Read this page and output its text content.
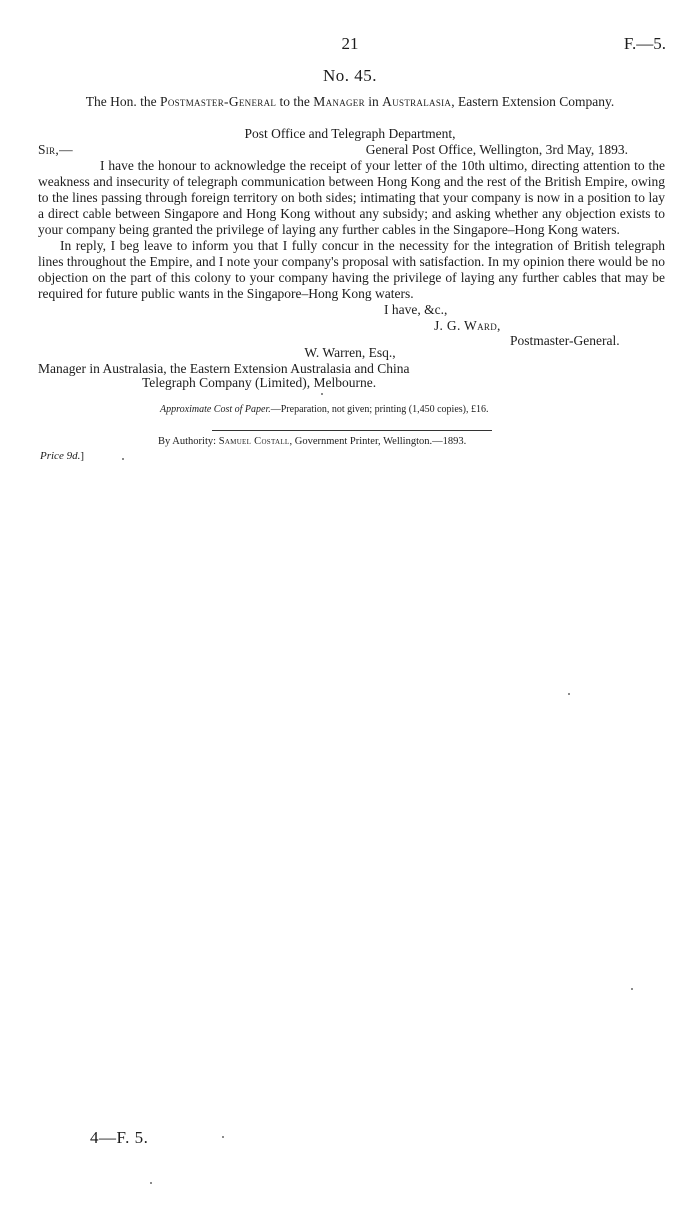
21	F.—5.
No. 45.
The Hon. the Postmaster-General to the Manager in Australasia, Eastern Extension Company.
Post Office and Telegraph Department,
Sir,—	General Post Office, Wellington, 3rd May, 1893.
I have the honour to acknowledge the receipt of your letter of the 10th ultimo, directing attention to the weakness and insecurity of telegraph communication between Hong Kong and the rest of the British Empire, owing to the lines passing through foreign territory on both sides; intimating that your company is now in a position to lay a direct cable between Singapore and Hong Kong without any subsidy; and asking whether any objection exists to your company being granted the privilege of laying any further cables in the Singapore–Hong Kong waters.
In reply, I beg leave to inform you that I fully concur in the necessity for the integration of British telegraph lines throughout the Empire, and I note your company's proposal with satisfaction. In my opinion there would be no objection on the part of this colony to your company having the privilege of laying any further cables that may be required for future public wants in the Singapore–Hong Kong waters.
I have, &c.,
J. G. Ward,
Postmaster-General.
W. Warren, Esq.,
Manager in Australasia, the Eastern Extension Australasia and China
Telegraph Company (Limited), Melbourne.
Approximate Cost of Paper.—Preparation, not given; printing (1,450 copies), £16.
By Authority: Samuel Costall, Government Printer, Wellington.—1893.
Price 9d.]
4—F. 5.
